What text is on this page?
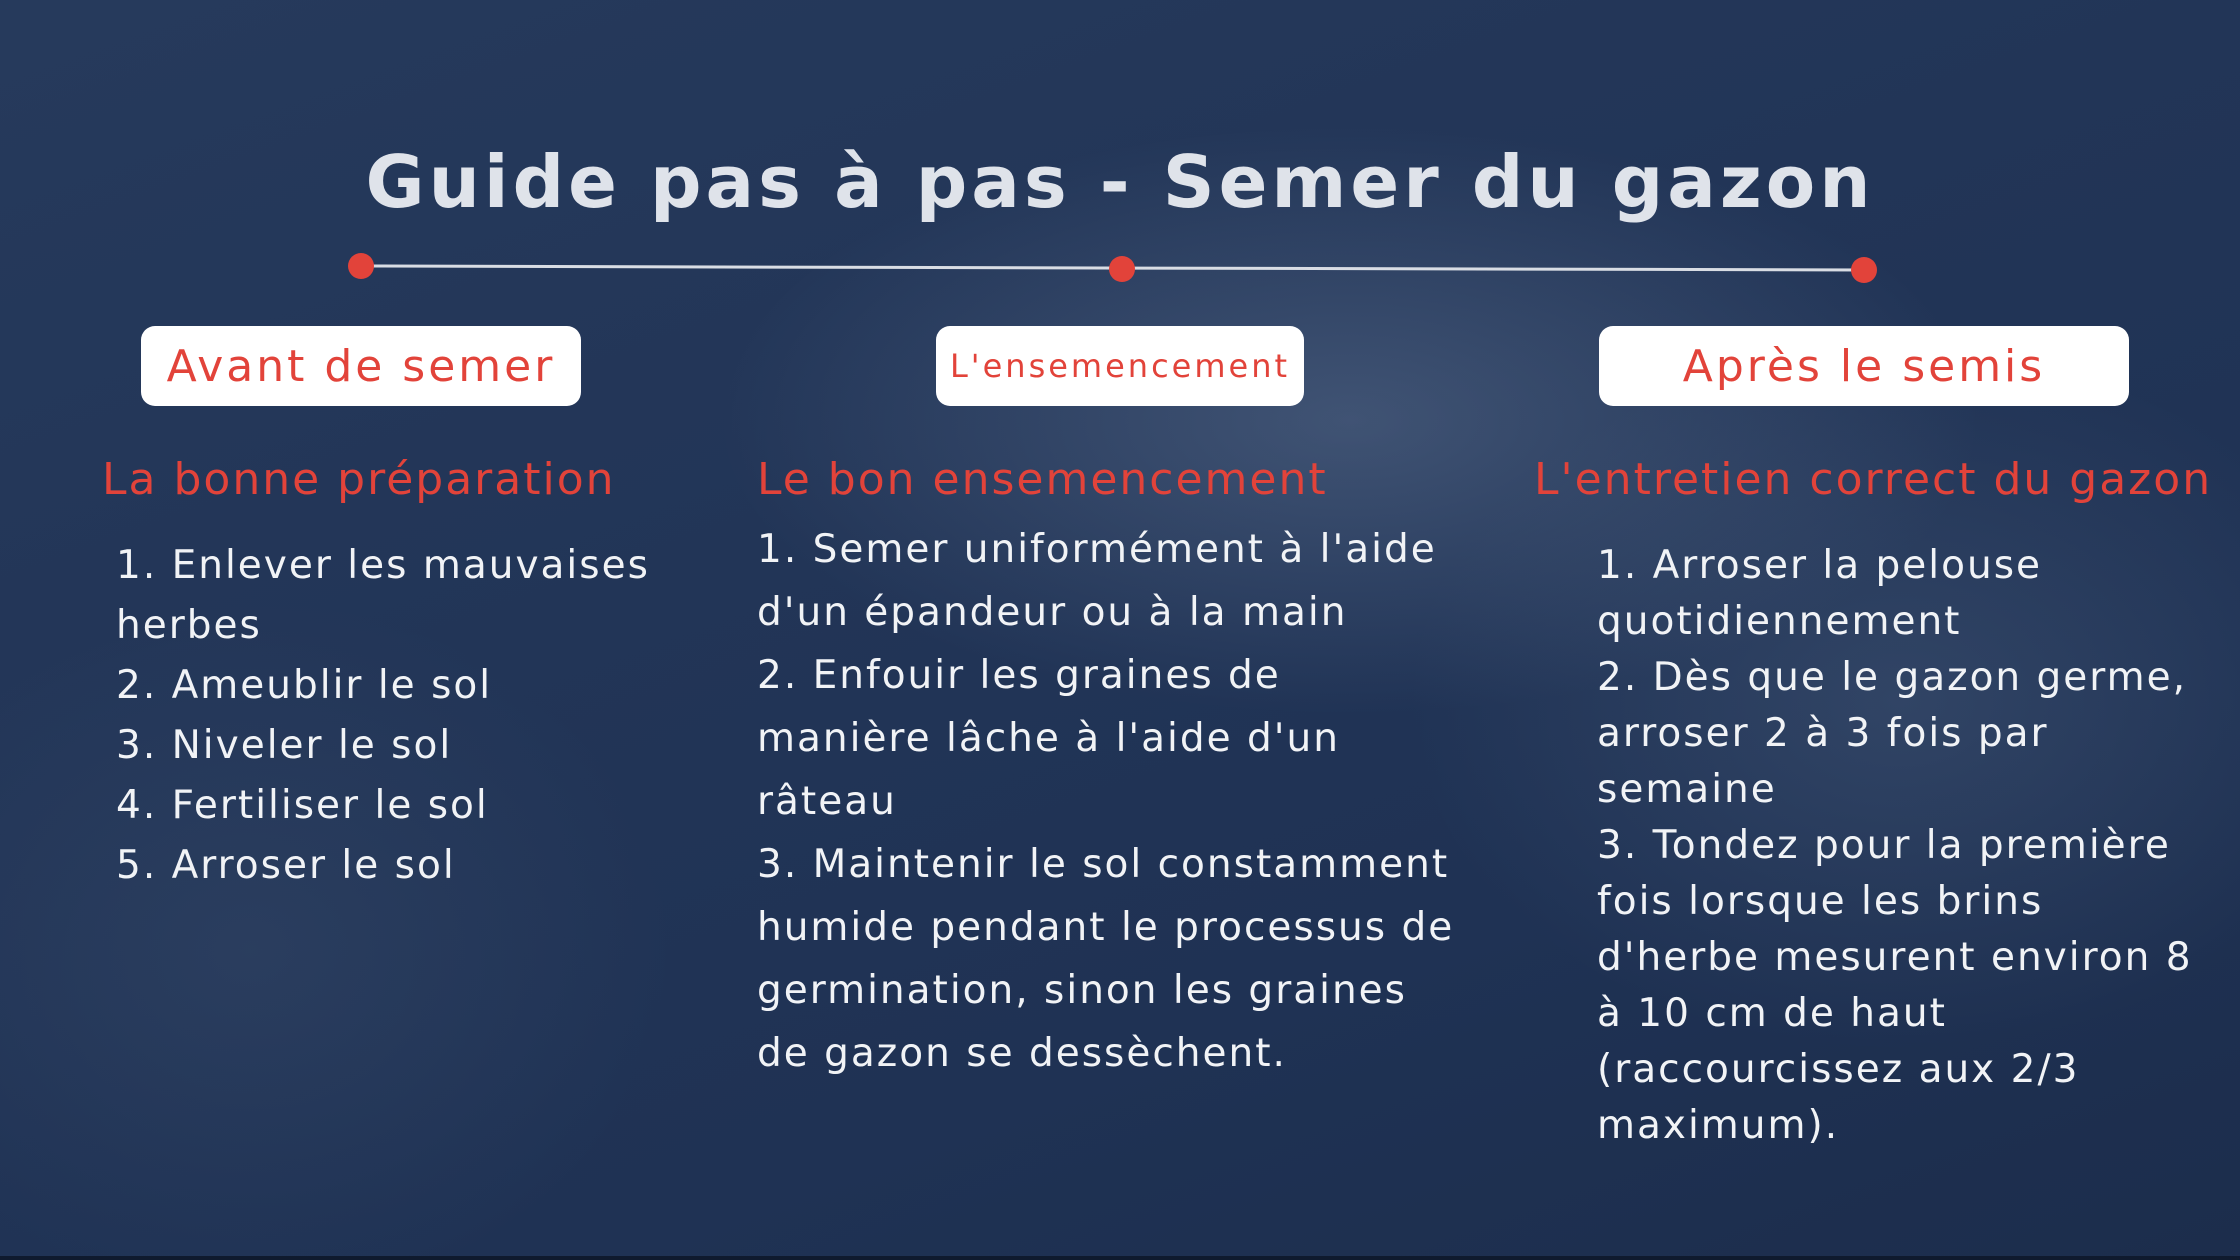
Guide pas à pas - Semer du gazon
Avant de semer	L'ensemencement	Après le semis
La bonne préparation	Le bon ensemencement	L'entretien correct du gazon
1. Enlever les mauvaises herbes
2. Ameublir le sol
3. Niveler le sol
4. Fertiliser le sol
5. Arroser le sol
1. Semer uniformément à l'aide d'un épandeur ou à la main
2. Enfouir les graines de manière lâche à l'aide d'un râteau
3. Maintenir le sol constamment humide pendant le processus de germination, sinon les graines de gazon se dessèchent.
1. Arroser la pelouse quotidiennement
2. Dès que le gazon germe, arroser 2 à 3 fois par semaine
3. Tondez pour la première fois lorsque les brins d'herbe mesurent environ 8 à 10 cm de haut (raccourcissez aux 2/3 maximum).
